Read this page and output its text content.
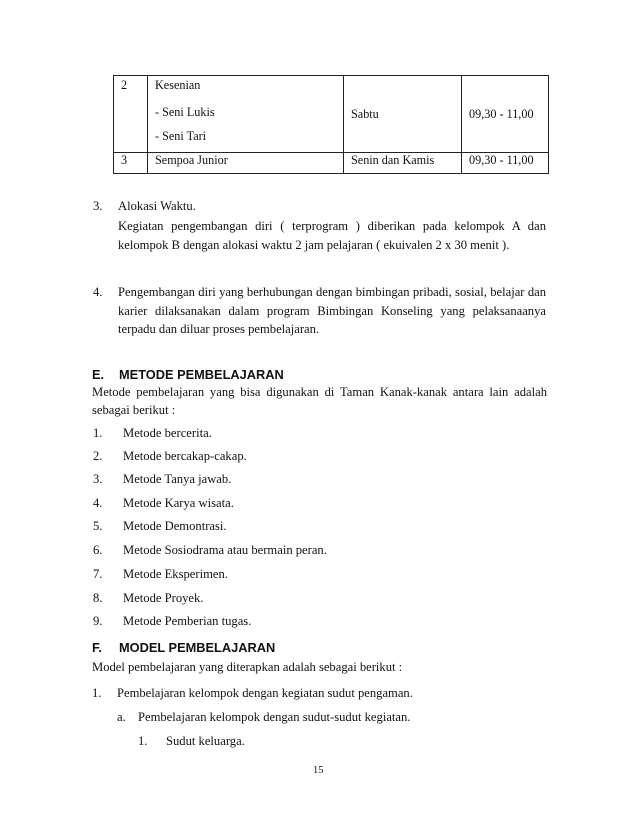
2	Kesenian
- Seni Lukis
- Seni Tari	Sabtu	09,30 - 11,00
3	Sempoa Junior	Senin dan Kamis	09,30 - 11,00
3. Alokasi Waktu.
Kegiatan pengembangan diri ( terprogram ) diberikan pada kelompok A dan
kelompok B dengan alokasi waktu 2 jam pelajaran ( ekuivalen 2 x 30 menit ).
4. Pengembangan diri yang berhubungan dengan bimbingan pribadi, sosial, belajar dan
karier dilaksanakan dalam program Bimbingan Konseling yang pelaksanaanya
terpadu dan diluar proses pembelajaran.
E. METODE PEMBELAJARAN
Metode pembelajaran yang bisa digunakan di Taman Kanak-kanak antara lain adalah
sebagai berikut :
1. Metode bercerita.
2. Metode bercakap-cakap.
3. Metode Tanya jawab.
4. Metode Karya wisata.
5. Metode Demontrasi.
6. Metode Sosiodrama atau bermain peran.
7. Metode Eksperimen.
8. Metode Proyek.
9. Metode Pemberian tugas.
F. MODEL PEMBELAJARAN
Model pembelajaran yang diterapkan adalah sebagai berikut :
1. Pembelajaran kelompok dengan kegiatan sudut pengaman.
a. Pembelajaran kelompok dengan sudut-sudut kegiatan.
1. Sudut keluarga.
15
